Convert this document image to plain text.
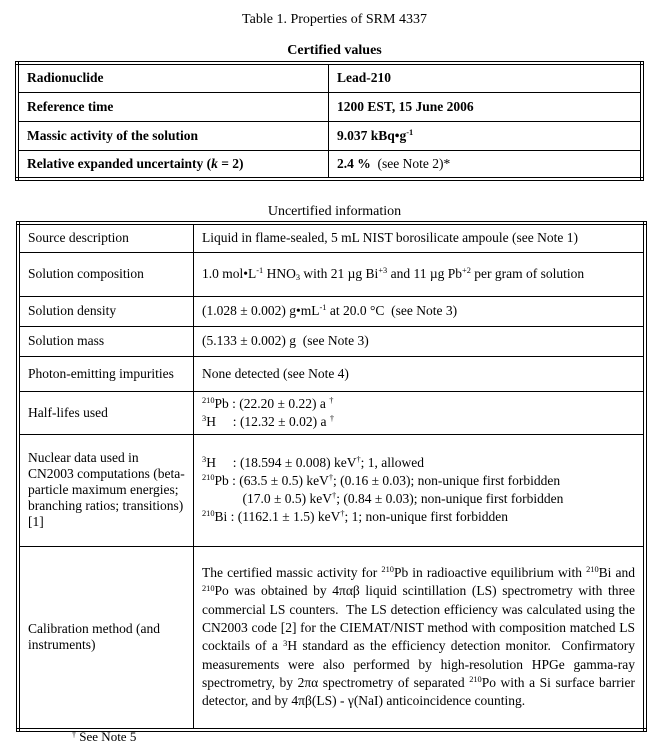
Table 1. Properties of SRM 4337
Certified values
Radionuclide	Lead-210
Reference time	1200 EST, 15 June 2006
Massic activity of the solution	9.037 $kBq•g^{-1}$
Relative expanded uncertainty (k = 2)	2.4 %  (see Note 2)*
Uncertified information
Source description	Liquid in flame-sealed, 5 mL NIST borosilicate ampoule (see Note 1)
Solution composition	1.0 $mol•L^{-1}$ $HNO_3$ with 21 µg $Bi^{+3}$ and 11 µg $Pb^{+2}$ per gram of solution
Solution density	(1.028 ± 0.002) $g•mL^{-1}$ at 20.0 °C  (see Note 3)
Solution mass	(5.133 ± 0.002) g  (see Note 3)
Photon-emitting impurities	None detected (see Note 4)
Half-lifes used	$^{210}$Pb : (22.20 ± 0.22) a †
$^3$H     : (12.32 ± 0.02) a †

Nuclear data used in CN2003 computations (beta-particle maximum energies; branching ratios; transitions) [1]	$^3$H     : (18.594 ± 0.008) keV†; 1, allowed
$^{210}$Pb : (63.5 ± 0.5) keV†; (0.16 ± 0.03); non-unique first forbidden
(17.0 ± 0.5) keV†; (0.84 ± 0.03); non-unique first forbidden
$^{210}$Bi : (1162.1 ± 1.5) keV†; 1; non-unique first forbidden

Calibration method (and instruments)	The certified massic activity for $^{210}$Pb in radioactive equilibrium with $^{210}$Bi and $^{210}$Po was obtained by 4παβ liquid scintillation (LS) spectrometry with three commercial LS counters.  The LS detection efficiency was calculated using the CN2003 code [2] for the CIEMAT/NIST method with composition matched LS cocktails of a $^3$H standard as the efficiency detection monitor.  Confirmatory measurements were also performed by high-resolution HPGe gamma-ray spectrometry, by 2πα spectrometry of separated $^{210}$Po with a Si surface barrier detector, and by 4πβ(LS) - γ(NaI) anticoincidence counting.
† See Note 5
